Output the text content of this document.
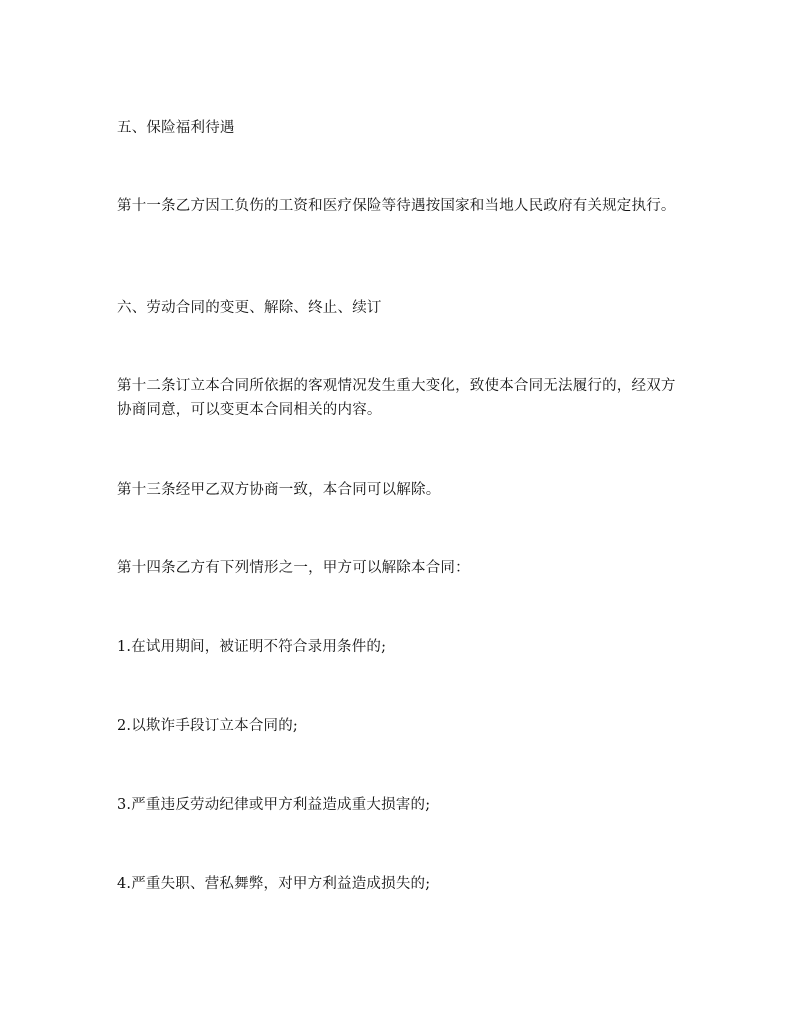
五、保险福利待遇

第十一条乙方因工负伤的工资和医疗保险等待遇按国家和当地人民政府有关规定执行。

六、劳动合同的变更、解除、终止、续订

第十二条订立本合同所依据的客观情况发生重大变化，致使本合同无法履行的，经双方协商同意，可以变更本合同相关的内容。

第十三条经甲乙双方协商一致，本合同可以解除。

第十四条乙方有下列情形之一，甲方可以解除本合同：

1.在试用期间，被证明不符合录用条件的;

2.以欺诈手段订立本合同的;

3.严重违反劳动纪律或甲方利益造成重大损害的;

4.严重失职、营私舞弊，对甲方利益造成损失的;
